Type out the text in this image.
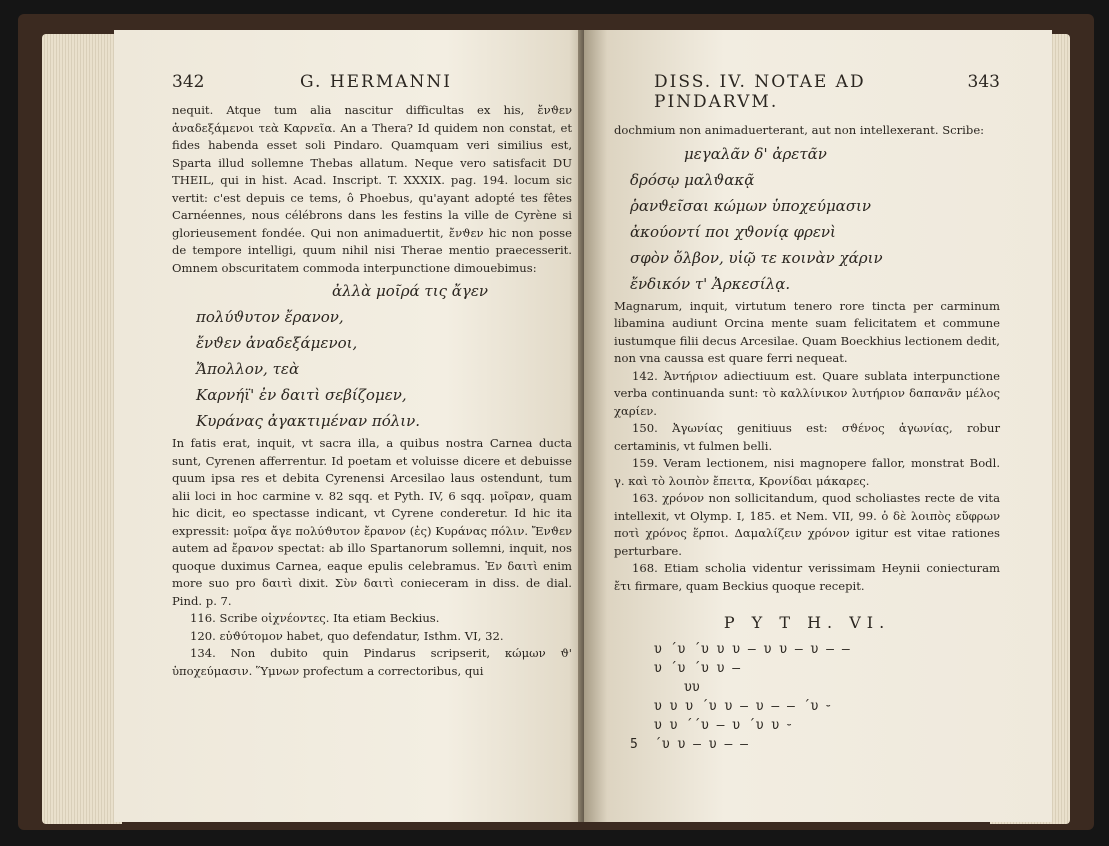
342	G. HERMANNI

nequit. Atque tum alia nascitur difficultas ex his, ἔνϑεν ἀναδεξάμενοι τεὰ Καρνεῖα. An a Thera? Id quidem non constat, et fides habenda esset soli Pindaro. Quamquam veri similius est, Sparta illud sollemne Thebas allatum. Neque vero satisfacit DU THEIL, qui in hist. Acad. Inscript. T. XXXIX. pag. 194. locum sic vertit: c'est depuis ce tems, ô Phoebus, qu'ayant adopté tes fêtes Carnéennes, nous célébrons dans les festins la ville de Cyrène si glorieusement fondée. Qui non animaduertit, ἔνϑεν hic non posse de tempore intelligi, quum nihil nisi Therae mentio praecesserit. Omnem obscuritatem commoda interpunctione dimouebimus:

ἀλλὰ μοῖρά τις ἄγεν
πολύϑυτον ἔρανον,
ἔνϑεν ἀναδεξάμενοι,
Ἄπολλον, τεὰ
Καρνήϊ' ἐν δαιτὶ σεβίζομεν,
Κυράνας ἀγακτιμέναν πόλιν.

In fatis erat, inquit, vt sacra illa, a quibus nostra Carnea ducta sunt, Cyrenen afferrentur. Id poetam et voluisse dicere et debuisse quum ipsa res et debita Cyrenensi Arcesilao laus ostendunt, tum alii loci in hoc carmine v. 82 sqq. et Pyth. IV, 6 sqq. μοῖραν, quam hic dicit, eo spectasse indicant, vt Cyrene conderetur. Id hic ita expressit: μοῖρα ἄγε πολύϑυτον ἔρανον (ἐς) Κυράνας πόλιν. Ἔνϑεν autem ad ἔρανον spectat: ab illo Spartanorum sollemni, inquit, nos quoque duximus Carnea, eaque epulis celebramus. Ἐν δαιτὶ enim more suo pro δαιτὶ dixit. Σὺν δαιτὶ conieceram in diss. de dial. Pind. p. 7.

116. Scribe οἰχνέοντες. Ita etiam Beckius.

120. εὐϑύτομον habet, quo defendatur, Isthm. VI, 32.

134. Non dubito quin Pindarus scripserit, κώμων ϑ' ὑποχεύμασιν. Ὕμνων profectum a correctoribus, qui

DISS. IV. NOTAE AD PINDARVM.
343

dochmium non animaduerterant, aut non intellexerant. Scribe:

μεγαλᾶν δ' ἀρετᾶν
δρόσῳ μαλϑακᾷ
ῥανϑεῖσαι κώμων ὑποχεύμασιν
ἀκούοντί ποι χϑονίᾳ φρενὶ
σφὸν ὄλβον, υἱῷ τε κοινὰν χάριν
ἔνδικόν τ' Ἀρκεσίλᾳ.

Magnarum, inquit, virtutum tenero rore tincta per carminum libamina audiunt Orcina mente suam felicitatem et commune iustumque filii decus Arcesilae. Quam Boeckhius lectionem dedit, non vna caussa est quare ferri nequeat.

142. Ἀντήριον adiectiuum est. Quare sublata interpunctione verba continuanda sunt: τὸ καλλίνικον λυτήριον δαπανᾶν μέλος χαρίεν.

150. Ἀγωνίας genitiuus est: σϑένος ἀγωνίας, robur certaminis, vt fulmen belli.

159. Veram lectionem, nisi magnopere fallor, monstrat Bodl. γ. καὶ τὸ λοιπὸν ἔπειτα, Κρονίδαι μάκαρες.

163. χρόνον non sollicitandum, quod scholiastes recte de vita intellexit, vt Olymp. I, 185. et Nem. VII, 99. ὁ δὲ λοιπὸς εὔφρων ποτὶ χρόνος ἕρποι. Δαμαλίζειν χρόνον igitur est vitae rationes perturbare.

168. Etiam scholia videntur verissimam Heynii coniecturam ἔτι firmare, quam Beckius quoque recepit.

P Y T H. VI.
υ ́ υ ́ υ υ υ – υ υ – υ – –
υ ́ υ ́ υ υ –
υυ
υ υ υ ́ υ υ – υ – – ́ υ ⏑
υ υ ́ ́ υ – υ ́ υ υ ⏑
5 ́ υ υ – υ – –
